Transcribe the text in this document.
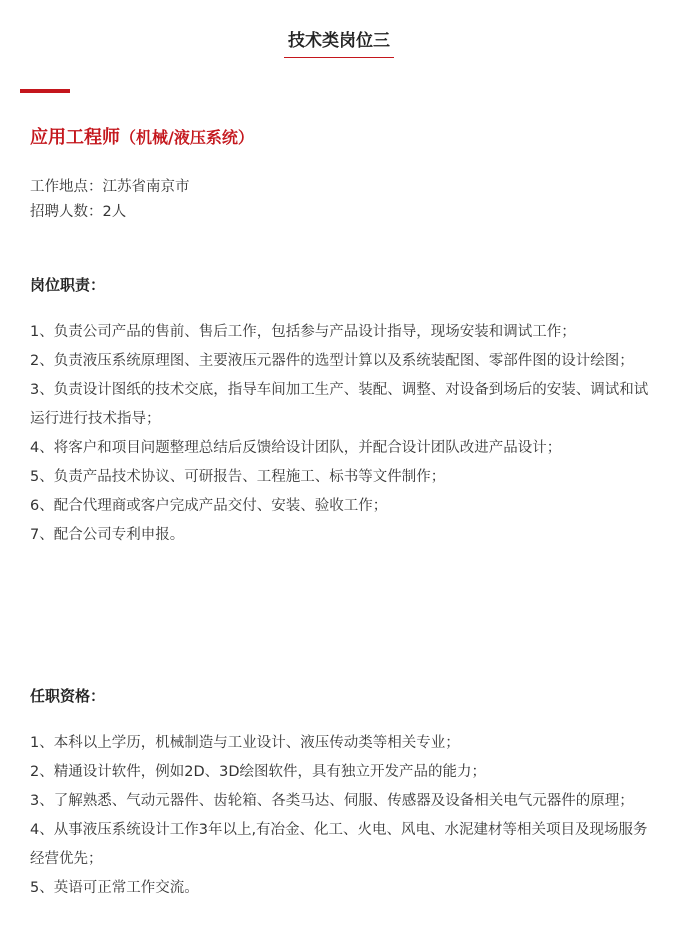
技术类岗位三
应用工程师（机械/液压系统）
工作地点：江苏省南京市
招聘人数：2人
岗位职责：
1、负责公司产品的售前、售后工作，包括参与产品设计指导，现场安装和调试工作；
2、负责液压系统原理图、主要液压元器件的选型计算以及系统装配图、零部件图的设计绘图；
3、负责设计图纸的技术交底，指导车间加工生产、装配、调整、对设备到场后的安装、调试和试运行进行技术指导；
4、将客户和项目问题整理总结后反馈给设计团队，并配合设计团队改进产品设计；
5、负责产品技术协议、可研报告、工程施工、标书等文件制作；
6、配合代理商或客户完成产品交付、安装、验收工作；
7、配合公司专利申报。
任职资格：
1、本科以上学历，机械制造与工业设计、液压传动类等相关专业；
2、精通设计软件，例如2D、3D绘图软件，具有独立开发产品的能力；
3、了解熟悉、气动元器件、齿轮箱、各类马达、伺服、传感器及设备相关电气元器件的原理；
4、从事液压系统设计工作3年以上,有冶金、化工、火电、风电、水泥建材等相关项目及现场服务经营优先；
5、英语可正常工作交流。
